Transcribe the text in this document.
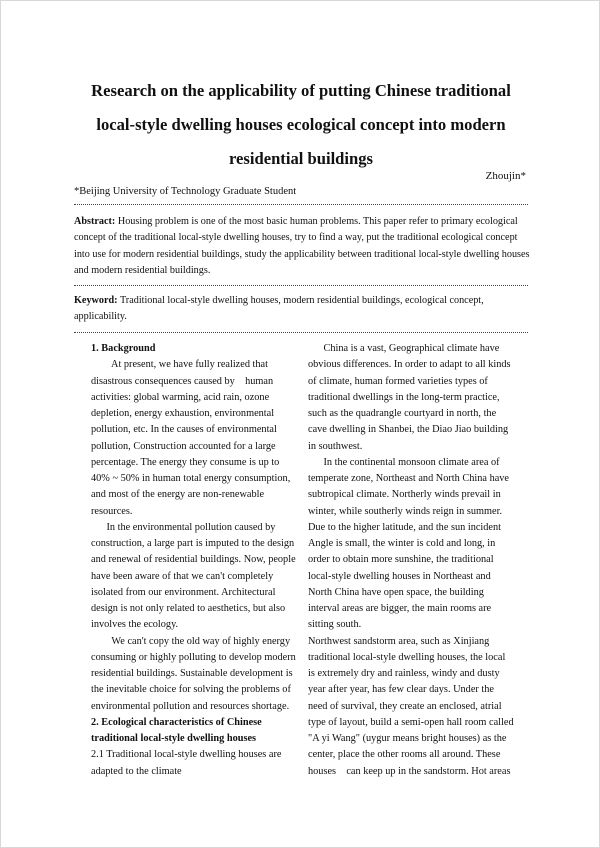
Research on the applicability of putting Chinese traditional
local-style dwelling houses ecological concept into modern
residential buildings
Zhoujin*
*Beijing University of Technology Graduate Student
Abstract: Housing problem is one of the most basic human problems. This paper refer to primary ecological
concept of the traditional local-style dwelling houses, try to find a way, put the traditional ecological concept
into use for modern residential buildings, study the applicability between traditional local-style dwelling houses
and modern residential buildings.
Keyword: Traditional local-style dwelling houses, modern residential buildings, ecological concept,
applicability.
1. Background
At present, we have fully realized that
disastrous consequences caused by    human
activities: global warming, acid rain, ozone
depletion, energy exhaustion, environmental
pollution, etc. In the causes of environmental
pollution, Construction accounted for a large
percentage. The energy they consume is up to
40% ~ 50% in human total energy consumption,
and most of the energy are non-renewable
resources.
In the environmental pollution caused by
construction, a large part is imputed to the design
and renewal of residential buildings. Now, people
have been aware of that we can't completely
isolated from our environment. Architectural
design is not only related to aesthetics, but also
involves the ecology.
We can't copy the old way of highly energy
consuming or highly polluting to develop modern
residential buildings. Sustainable development is
the inevitable choice for solving the problems of
environmental pollution and resources shortage.
2. Ecological characteristics of Chinese
traditional local-style dwelling houses
2.1 Traditional local-style dwelling houses are
adapted to the climate
China is a vast, Geographical climate have
obvious differences. In order to adapt to all kinds
of climate, human formed varieties types of
traditional dwellings in the long-term practice,
such as the quadrangle courtyard in north, the
cave dwelling in Shanbei, the Diao Jiao building
in southwest.
In the continental monsoon climate area of
temperate zone, Northeast and North China have
subtropical climate. Northerly winds prevail in
winter, while southerly winds reign in summer.
Due to the higher latitude, and the sun incident
Angle is small, the winter is cold and long, in
order to obtain more sunshine, the traditional
local-style dwelling houses in Northeast and
North China have open space, the building
interval areas are bigger, the main rooms are
sitting south.
Northwest sandstorm area, such as Xinjiang
traditional local-style dwelling houses, the local
is extremely dry and rainless, windy and dusty
year after year, has few clear days. Under the
need of survival, they create an enclosed, atrial
type of layout, build a semi-open hall room called
"A yi Wang" (uygur means bright houses) as the
center, place the other rooms all around. These
houses    can keep up in the sandstorm. Hot areas
